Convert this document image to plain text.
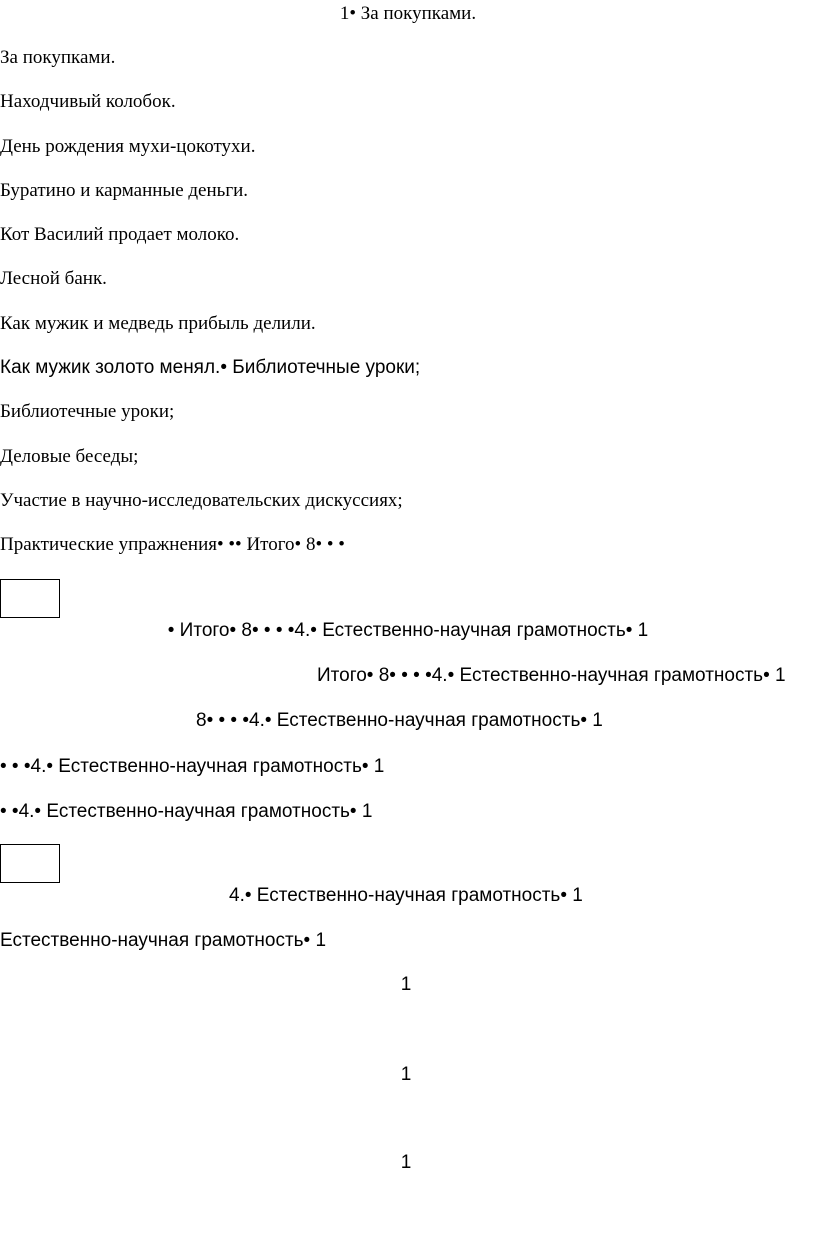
1• За покупками.

За покупками.

Находчивый колобок.

День рождения мухи-цокотухи.

Буратино и карманные деньги.

Кот Василий продает молоко.

Лесной банк.

Как мужик и медведь прибыль делили.

Как мужик золото менял.• Библиотечные уроки;

Библиотечные уроки;

Деловые беседы;

Участие в научно-исследовательских дискуссиях;

Практические упражнения• •• Итого• 8• • •

• Итого• 8• • • •4.• Естественно-научная грамотность• 1

Итого• 8• • • •4.• Естественно-научная грамотность• 1

8• • • •4.• Естественно-научная грамотность• 1

• • •4.• Естественно-научная грамотность• 1

• •4.• Естественно-научная грамотность• 1

4.• Естественно-научная грамотность• 1

Естественно-научная грамотность• 1

1

1

1
